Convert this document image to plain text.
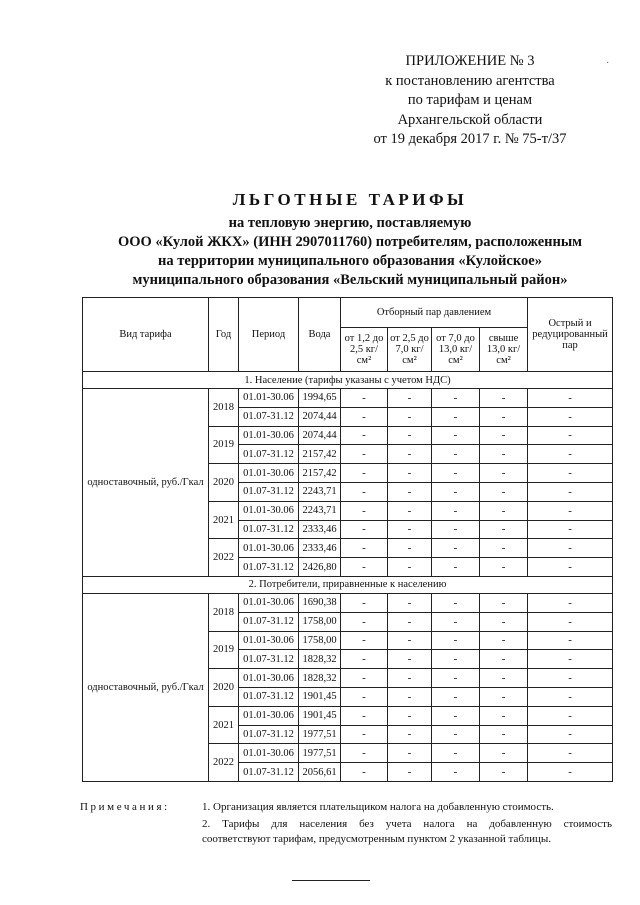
·
ПРИЛОЖЕНИЕ № 3
к постановлению агентства
по тарифам и ценам
Архангельской области
от 19 декабря 2017 г. № 75-т/37
ЛЬГОТНЫЕ ТАРИФЫ
на тепловую энергию, поставляемую
ООО «Кулой ЖКХ» (ИНН 2907011760) потребителям, расположенным
на территории муниципального образования «Кулойское»
муниципального образования «Вельский муниципальный район»
Вид тарифа	Год	Период	Вода	Отборный пар давлением				Острый и редуцированный пар
				от 1,2 до 2,5 кг/см²	от 2,5 до 7,0 кг/см²	от 7,0 до 13,0 кг/см²	свыше 13,0 кг/см²	
1. Население (тарифы указаны с учетом НДС)								
одноставочный, руб./Гкал	2018	01.01-30.06	1994,65	-	-	-	-	-
		01.07-31.12	2074,44	-	-	-	-	-
	2019	01.01-30.06	2074,44	-	-	-	-	-
		01.07-31.12	2157,42	-	-	-	-	-
	2020	01.01-30.06	2157,42	-	-	-	-	-
		01.07-31.12	2243,71	-	-	-	-	-
	2021	01.01-30.06	2243,71	-	-	-	-	-
		01.07-31.12	2333,46	-	-	-	-	-
	2022	01.01-30.06	2333,46	-	-	-	-	-
		01.07-31.12	2426,80	-	-	-	-	-
2. Потребители, приравненные к населению								
одноставочный, руб./Гкал	2018	01.01-30.06	1690,38	-	-	-	-	-
		01.07-31.12	1758,00	-	-	-	-	-
	2019	01.01-30.06	1758,00	-	-	-	-	-
		01.07-31.12	1828,32	-	-	-	-	-
	2020	01.01-30.06	1828,32	-	-	-	-	-
		01.07-31.12	1901,45	-	-	-	-	-
	2021	01.01-30.06	1901,45	-	-	-	-	-
		01.07-31.12	1977,51	-	-	-	-	-
	2022	01.01-30.06	1977,51	-	-	-	-	-
		01.07-31.12	2056,61	-	-	-	-	-
Примечания:	1. Организация является плательщиком налога на добавленную стоимость.
2. Тарифы для населения без учета налога на добавленную стоимость
соответствуют тарифам, предусмотренным пунктом 2 указанной таблицы.
